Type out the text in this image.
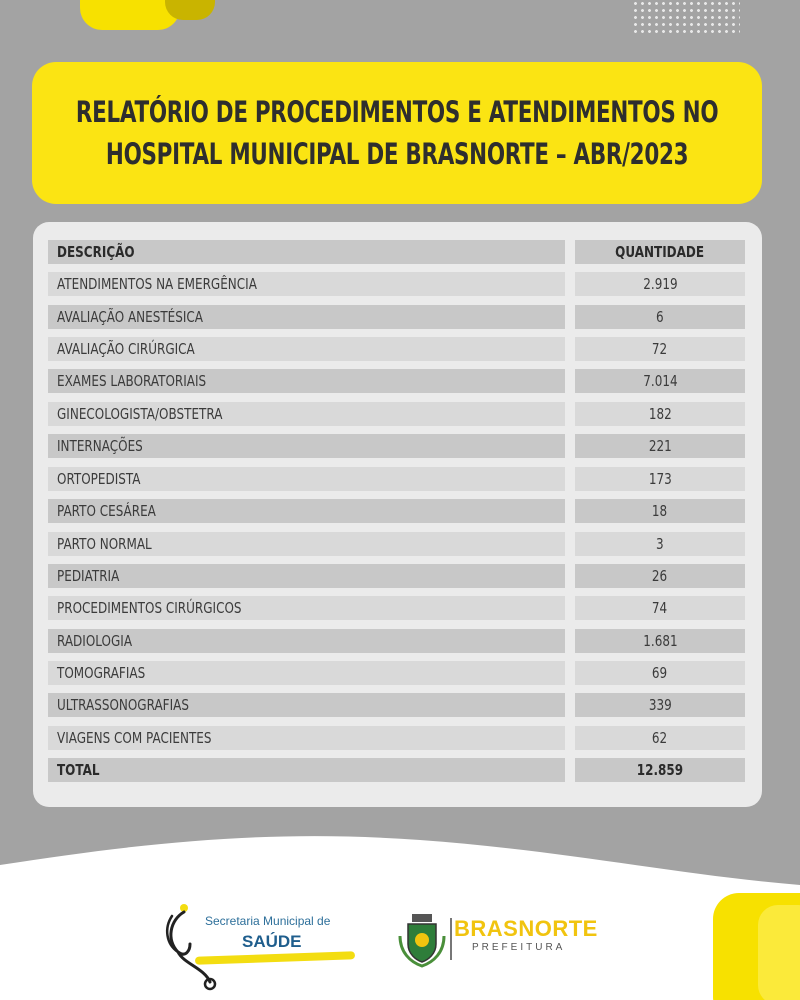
RELATÓRIO DE PROCEDIMENTOS E ATENDIMENTOS NO
HOSPITAL MUNICIPAL DE BRASNORTE – ABR/2023
DESCRIÇÃO	QUANTIDADE
ATENDIMENTOS NA EMERGÊNCIA	2.919
AVALIAÇÃO ANESTÉSICA	6
AVALIAÇÃO CIRÚRGICA	72
EXAMES LABORATORIAIS	7.014
GINECOLOGISTA/OBSTETRA	182
INTERNAÇÕES	221
ORTOPEDISTA	173
PARTO CESÁREA	18
PARTO NORMAL	3
PEDIATRIA	26
PROCEDIMENTOS CIRÚRGICOS	74
RADIOLOGIA	1.681
TOMOGRAFIAS	69
ULTRASSONOGRAFIAS	339
VIAGENS COM PACIENTES	62
TOTAL	12.859
Secretaria Municipal de
SAÚDE
BRASNORTE
PREFEITURA
